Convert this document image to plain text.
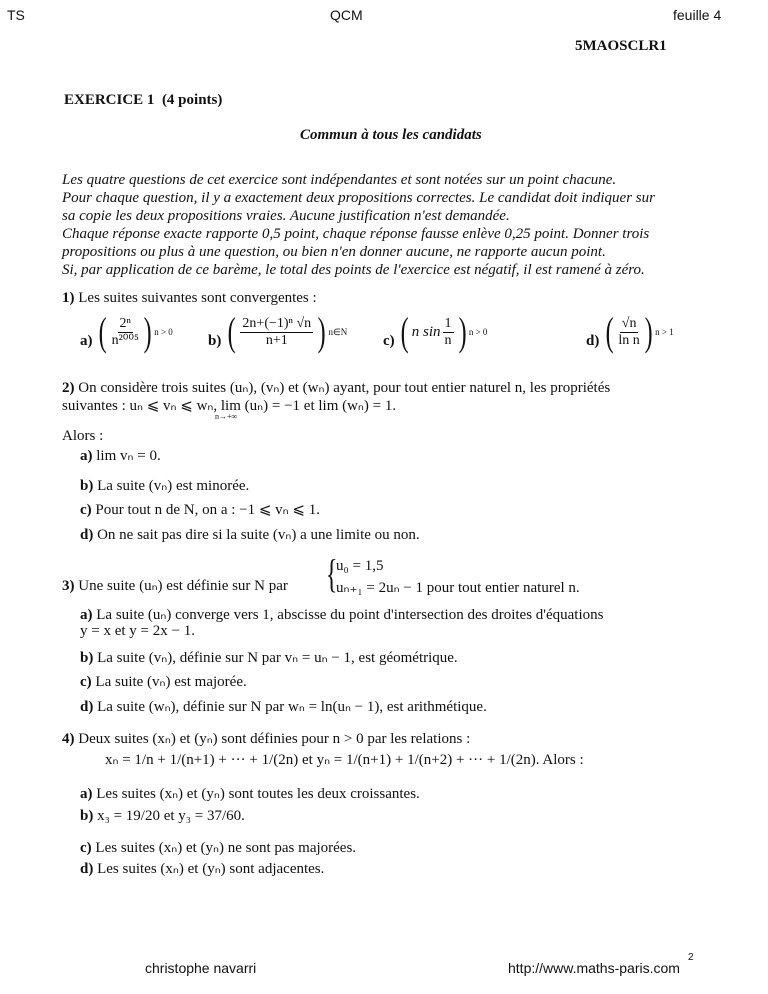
TS	QCM	feuille 4
5MAOSCLR1
EXERCICE 1 (4 points)
Commun à tous les candidats
Les quatre questions de cet exercice sont indépendantes et sont notées sur un point chacune.
Pour chaque question, il y a exactement deux propositions correctes. Le candidat doit indiquer sur
sa copie les deux propositions vraies. Aucune justification n'est demandée.
Chaque réponse exacte rapporte 0,5 point, chaque réponse fausse enlève 0,25 point. Donner trois
propositions ou plus à une question, ou bien n'en donner aucune, ne rapporte aucun point.
Si, par application de ce barème, le total des points de l'exercice est négatif, il est ramené à zéro.
1) Les suites suivantes sont convergentes :
a) ( $\frac{\text{2ⁿ}}{\text{n²⁰⁰⁵}}$ ) n > 0
b) ( $\frac{\text{2n+(−1)ⁿ √n}}{n+1}$ ) n∈N
c) ( n $\sin \frac{1}{n}$ ) n > 0
d) ( $\frac{√n}{\text{ln n}}$ ) n > 1
2) On considère trois suites (uₙ), (vₙ) et (wₙ) ayant, pour tout entier naturel n, les propriétés
suivantes : uₙ ⩽ vₙ ⩽ wₙ, lim (uₙ) = −1 et lim (wₙ) = 1.
n→+∞
Alors :
a) lim vₙ = 0.
b) La suite (vₙ) est minorée.
c) Pour tout n de N, on a : −1 ⩽ vₙ ⩽ 1.
d) On ne sait pas dire si la suite (vₙ) a une limite ou non.
3) Une suite (uₙ) est définie sur N par {
u₀ = 1,5
uₙ₊₁ = 2uₙ − 1 pour tout entier naturel n.
a) La suite (uₙ) converge vers 1, abscisse du point d'intersection des droites d'équations
y = x et y = 2x − 1.
b) La suite (vₙ), définie sur N par vₙ = uₙ − 1, est géométrique.
c) La suite (vₙ) est majorée.
d) La suite (wₙ), définie sur N par wₙ = ln(uₙ − 1), est arithmétique.
4) Deux suites (xₙ) et (yₙ) sont définies pour n > 0 par les relations :
xₙ = 1/n + 1/(n+1) + ··· + 1/(2n) et yₙ = 1/(n+1) + 1/(n+2) + ··· + 1/(2n). Alors :
a) Les suites (xₙ) et (yₙ) sont toutes les deux croissantes.
b) x₃ = 19/20 et y₃ = 37/60.
c) Les suites (xₙ) et (yₙ) ne sont pas majorées.
d) Les suites (xₙ) et (yₙ) sont adjacentes.
christophe navarri	http://www.maths-paris.com
2
